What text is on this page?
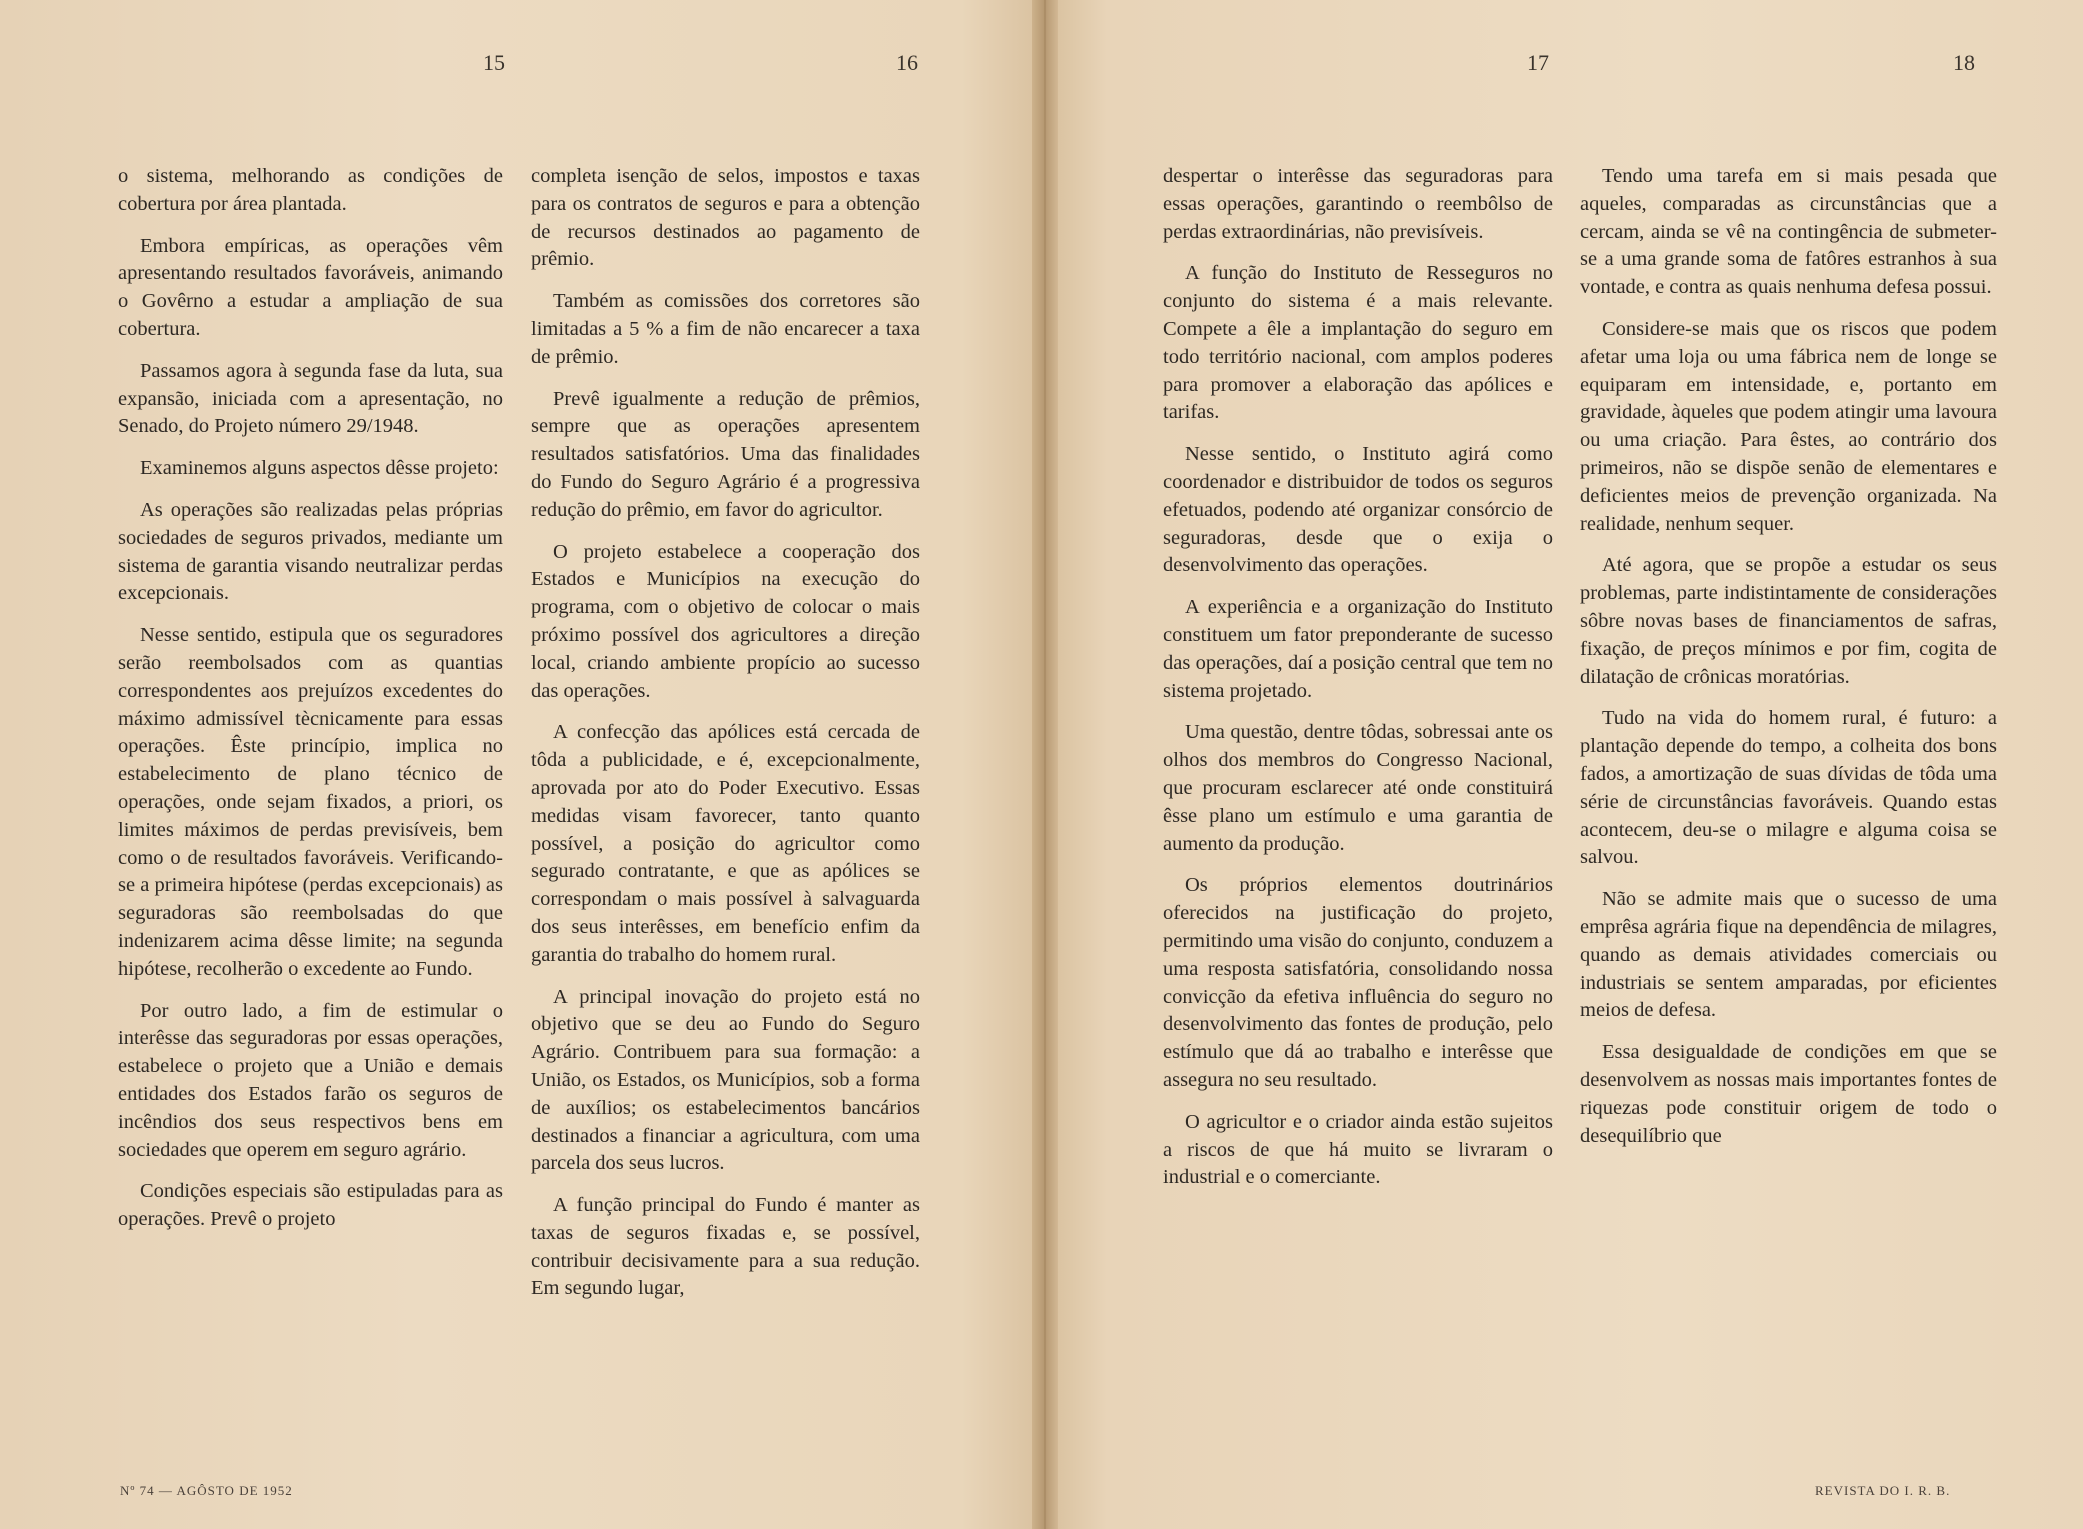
15	16

o sistema, melhorando as condições de cobertura por área plantada.

Embora empíricas, as operações vêm apresentando resultados favoráveis, animando o Govêrno a estudar a ampliação de sua cobertura.

Passamos agora à segunda fase da luta, sua expansão, iniciada com a apresentação, no Senado, do Projeto número 29/1948.

Examinemos alguns aspectos dêsse projeto:

As operações são realizadas pelas próprias sociedades de seguros privados, mediante um sistema de garantia visando neutralizar perdas excepcionais.

Nesse sentido, estipula que os seguradores serão reembolsados com as quantias correspondentes aos prejuízos excedentes do máximo admissível tècnicamente para essas operações. Êste princípio, implica no estabelecimento de plano técnico de operações, onde sejam fixados, a priori, os limites máximos de perdas previsíveis, bem como o de resultados favoráveis. Verificando-se a primeira hipótese (perdas excepcionais) as seguradoras são reembolsadas do que indenizarem acima dêsse limite; na segunda hipótese, recolherão o excedente ao Fundo.

Por outro lado, a fim de estimular o interêsse das seguradoras por essas operações, estabelece o projeto que a União e demais entidades dos Estados farão os seguros de incêndios dos seus respectivos bens em sociedades que operem em seguro agrário.

Condições especiais são estipuladas para as operações. Prevê o projeto

completa isenção de selos, impostos e taxas para os contratos de seguros e para a obtenção de recursos destinados ao pagamento de prêmio.

Também as comissões dos corretores são limitadas a 5 % a fim de não encarecer a taxa de prêmio.

Prevê igualmente a redução de prêmios, sempre que as operações apresentem resultados satisfatórios. Uma das finalidades do Fundo do Seguro Agrário é a progressiva redução do prêmio, em favor do agricultor.

O projeto estabelece a cooperação dos Estados e Municípios na execução do programa, com o objetivo de colocar o mais próximo possível dos agricultores a direção local, criando ambiente propício ao sucesso das operações.

A confecção das apólices está cercada de tôda a publicidade, e é, excepcionalmente, aprovada por ato do Poder Executivo. Essas medidas visam favorecer, tanto quanto possível, a posição do agricultor como segurado contratante, e que as apólices se correspondam o mais possível à salvaguarda dos seus interêsses, em benefício enfim da garantia do trabalho do homem rural.

A principal inovação do projeto está no objetivo que se deu ao Fundo do Seguro Agrário. Contribuem para sua formação: a União, os Estados, os Municípios, sob a forma de auxílios; os estabelecimentos bancários destinados a financiar a agricultura, com uma parcela dos seus lucros.

A função principal do Fundo é manter as taxas de seguros fixadas e, se possível, contribuir decisivamente para a sua redução. Em segundo lugar,

Nº 74 — AGÔSTO DE 1952
17	18

despertar o interêsse das seguradoras para essas operações, garantindo o reembôlso de perdas extraordinárias, não previsíveis.

A função do Instituto de Resseguros no conjunto do sistema é a mais relevante. Compete a êle a implantação do seguro em todo território nacional, com amplos poderes para promover a elaboração das apólices e tarifas.

Nesse sentido, o Instituto agirá como coordenador e distribuidor de todos os seguros efetuados, podendo até organizar consórcio de seguradoras, desde que o exija o desenvolvimento das operações.

A experiência e a organização do Instituto constituem um fator preponderante de sucesso das operações, daí a posição central que tem no sistema projetado.

Uma questão, dentre tôdas, sobressai ante os olhos dos membros do Congresso Nacional, que procuram esclarecer até onde constituirá êsse plano um estímulo e uma garantia de aumento da produção.

Os próprios elementos doutrinários oferecidos na justificação do projeto, permitindo uma visão do conjunto, conduzem a uma resposta satisfatória, consolidando nossa convicção da efetiva influência do seguro no desenvolvimento das fontes de produção, pelo estímulo que dá ao trabalho e interêsse que assegura no seu resultado.

O agricultor e o criador ainda estão sujeitos a riscos de que há muito se livraram o industrial e o comerciante.

Tendo uma tarefa em si mais pesada que aqueles, comparadas as circunstâncias que a cercam, ainda se vê na contingência de submeter-se a uma grande soma de fatôres estranhos à sua vontade, e contra as quais nenhuma defesa possui.

Considere-se mais que os riscos que podem afetar uma loja ou uma fábrica nem de longe se equiparam em intensidade, e, portanto em gravidade, àqueles que podem atingir uma lavoura ou uma criação. Para êstes, ao contrário dos primeiros, não se dispõe senão de elementares e deficientes meios de prevenção organizada. Na realidade, nenhum sequer.

Até agora, que se propõe a estudar os seus problemas, parte indistintamente de considerações sôbre novas bases de financiamentos de safras, fixação, de preços mínimos e por fim, cogita de dilatação de crônicas moratórias.

Tudo na vida do homem rural, é futuro: a plantação depende do tempo, a colheita dos bons fados, a amortização de suas dívidas de tôda uma série de circunstâncias favoráveis. Quando estas acontecem, deu-se o milagre e alguma coisa se salvou.

Não se admite mais que o sucesso de uma emprêsa agrária fique na dependência de milagres, quando as demais atividades comerciais ou industriais se sentem amparadas, por eficientes meios de defesa.

Essa desigualdade de condições em que se desenvolvem as nossas mais importantes fontes de riquezas pode constituir origem de todo o desequilíbrio que

REVISTA DO I. R. B.
